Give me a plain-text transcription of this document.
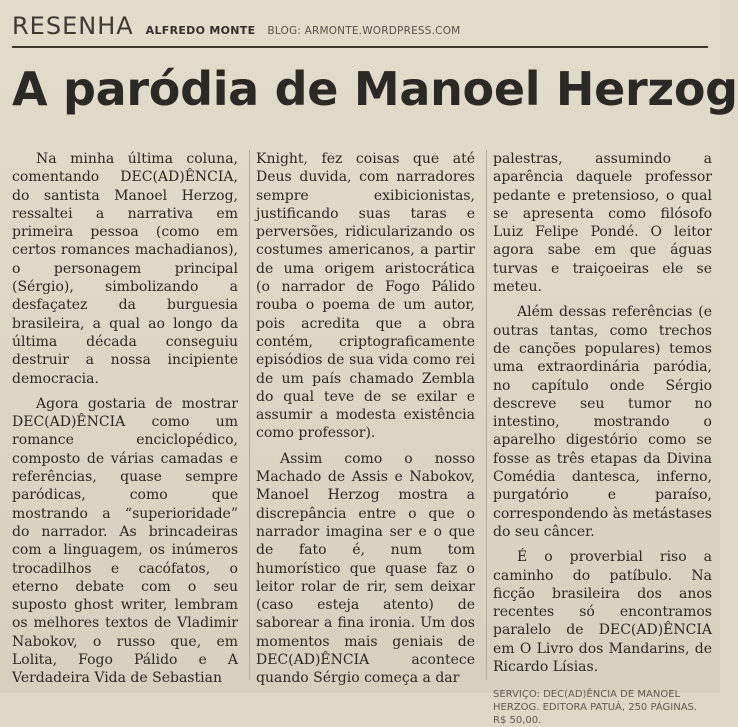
RESENHA ALFREDO MONTE BLOG: ARMONTE.WORDPRESS.COM
A paródia de Manoel Herzog

Na minha última coluna, comentando DEC(AD)ÊNCIA, do santista Manoel Herzog, ressaltei a narrativa em primeira pessoa (como em certos romances machadianos), o personagem principal (Sérgio), simbolizando a desfaçatez da burguesia brasileira, a qual ao longo da última década conseguiu destruir a nossa incipiente democracia.

Agora gostaria de mostrar DEC(AD)ÊNCIA como um romance enciclopédico, composto de várias camadas e referências, quase sempre paródicas, como que mostrando a “superioridade” do narrador. As brincadeiras com a linguagem, os inúmeros trocadilhos e cacófatos, o eterno debate com o seu suposto ghost writer, lembram os melhores textos de Vladimir Nabokov, o russo que, em Lolita, Fogo Pálido e A Verdadeira Vida de Sebastian

Knight, fez coisas que até Deus duvida, com narradores sempre exibicionistas, justificando suas taras e perversões, ridicularizando os costumes americanos, a partir de uma origem aristocrática (o narrador de Fogo Pálido rouba o poema de um autor, pois acredita que a obra contém, criptograficamente episódios de sua vida como rei de um país chamado Zembla do qual teve de se exilar e assumir a modesta existência como professor).

Assim como o nosso Machado de Assis e Nabokov, Manoel Herzog mostra a discrepância entre o que o narrador imagina ser e o que de fato é, num tom humorístico que quase faz o leitor rolar de rir, sem deixar (caso esteja atento) de saborear a fina ironia. Um dos momentos mais geniais de DEC(AD)ÊNCIA acontece quando Sérgio começa a dar

palestras, assumindo a aparência daquele professor pedante e pretensioso, o qual se apresenta como filósofo Luiz Felipe Pondé. O leitor agora sabe em que águas turvas e traiçoeiras ele se meteu.

Além dessas referências (e outras tantas, como trechos de canções populares) temos uma extraordinária paródia, no capítulo onde Sérgio descreve seu tumor no intestino, mostrando o aparelho digestório como se fosse as três etapas da Divina Comédia dantesca, inferno, purgatório e paraíso, correspondendo às metástases do seu câncer.

É o proverbial riso a caminho do patíbulo. Na ficção brasileira dos anos recentes só encontramos paralelo de DEC(AD)ÊNCIA em O Livro dos Mandarins, de Ricardo Lísias.

SERVIÇO: DEC(AD)ÊNCIA DE MANOEL HERZOG. EDITORA PATUÁ, 250 PÁGINAS. R$ 50,00.
